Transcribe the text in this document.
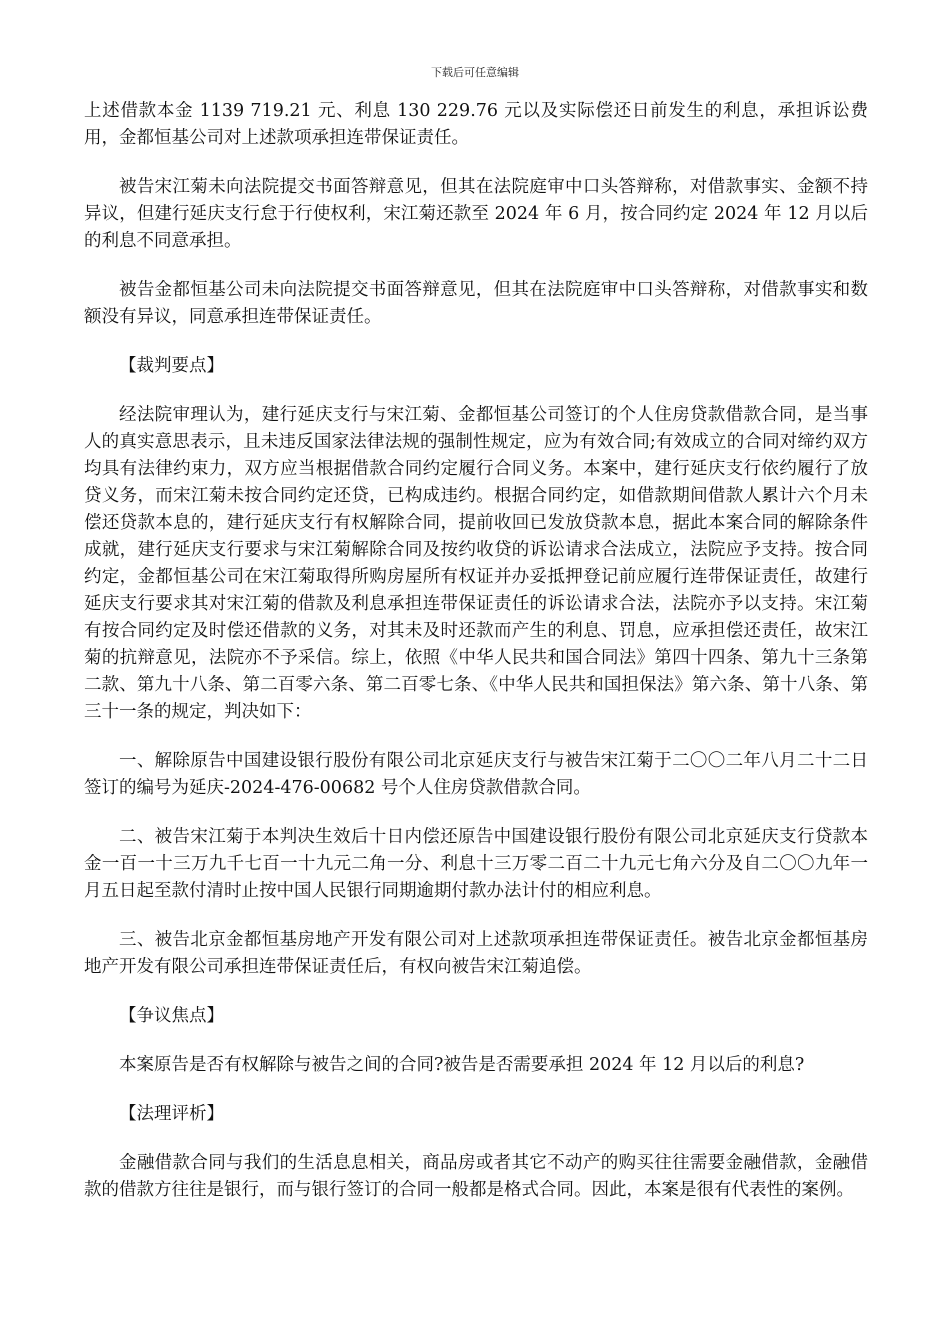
下载后可任意编辑

上述借款本金 1139 719.21 元、利息 130 229.76 元以及实际偿还日前发生的利息，承担诉讼费用，金都恒基公司对上述款项承担连带保证责任。

被告宋江菊未向法院提交书面答辩意见，但其在法院庭审中口头答辩称，对借款事实、金额不持异议，但建行延庆支行怠于行使权利，宋江菊还款至 2024 年 6 月，按合同约定 2024 年 12 月以后的利息不同意承担。

被告金都恒基公司未向法院提交书面答辩意见，但其在法院庭审中口头答辩称，对借款事实和数额没有异议，同意承担连带保证责任。

【裁判要点】

经法院审理认为，建行延庆支行与宋江菊、金都恒基公司签订的个人住房贷款借款合同，是当事人的真实意思表示，且未违反国家法律法规的强制性规定，应为有效合同;有效成立的合同对缔约双方均具有法律约束力，双方应当根据借款合同约定履行合同义务。本案中，建行延庆支行依约履行了放贷义务，而宋江菊未按合同约定还贷，已构成违约。根据合同约定，如借款期间借款人累计六个月未偿还贷款本息的，建行延庆支行有权解除合同，提前收回已发放贷款本息，据此本案合同的解除条件成就，建行延庆支行要求与宋江菊解除合同及按约收贷的诉讼请求合法成立，法院应予支持。按合同约定，金都恒基公司在宋江菊取得所购房屋所有权证并办妥抵押登记前应履行连带保证责任，故建行延庆支行要求其对宋江菊的借款及利息承担连带保证责任的诉讼请求合法，法院亦予以支持。宋江菊有按合同约定及时偿还借款的义务，对其未及时还款而产生的利息、罚息，应承担偿还责任，故宋江菊的抗辩意见，法院亦不予采信。综上，依照《中华人民共和国合同法》第四十四条、第九十三条第二款、第九十八条、第二百零六条、第二百零七条、《中华人民共和国担保法》第六条、第十八条、第三十一条的规定，判决如下：

一、解除原告中国建设银行股份有限公司北京延庆支行与被告宋江菊于二〇〇二年八月二十二日签订的编号为延庆-2024-476-00682 号个人住房贷款借款合同。

二、被告宋江菊于本判决生效后十日内偿还原告中国建设银行股份有限公司北京延庆支行贷款本金一百一十三万九千七百一十九元二角一分、利息十三万零二百二十九元七角六分及自二〇〇九年一月五日起至款付清时止按中国人民银行同期逾期付款办法计付的相应利息。

三、被告北京金都恒基房地产开发有限公司对上述款项承担连带保证责任。被告北京金都恒基房地产开发有限公司承担连带保证责任后，有权向被告宋江菊追偿。

【争议焦点】

本案原告是否有权解除与被告之间的合同?被告是否需要承担 2024 年 12 月以后的利息?

【法理评析】

金融借款合同与我们的生活息息相关，商品房或者其它不动产的购买往往需要金融借款，金融借款的借款方往往是银行，而与银行签订的合同一般都是格式合同。因此，本案是很有代表性的案例。
